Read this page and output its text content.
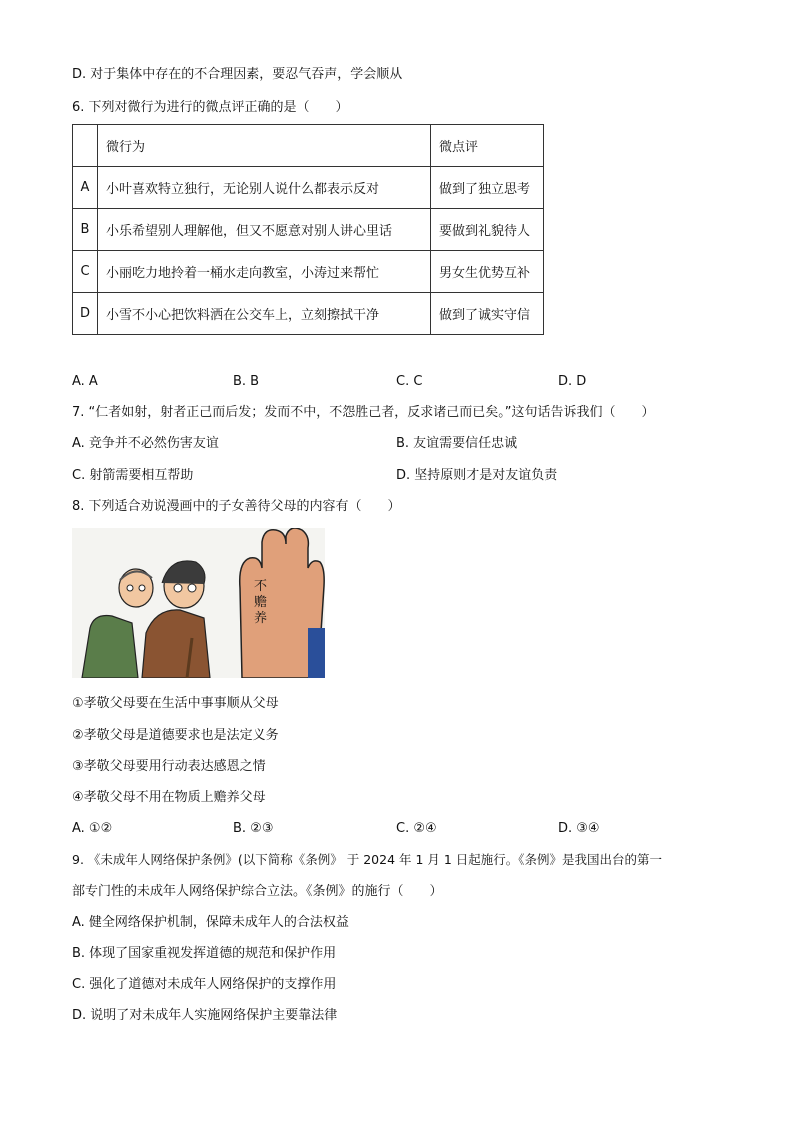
D. 对于集体中存在的不合理因素，要忍气吞声，学会顺从
6. 下列对微行为进行的微点评正确的是（　　）
	微行为	微点评
A	小叶喜欢特立独行，无论别人说什么都表示反对	做到了独立思考
B	小乐希望别人理解他，但又不愿意对别人讲心里话	要做到礼貌待人
C	小丽吃力地拎着一桶水走向教室，小涛过来帮忙	男女生优势互补
D	小雪不小心把饮料洒在公交车上，立刻擦拭干净	做到了诚实守信
A. A	B. B	C. C	D. D
7. “仁者如射，射者正己而后发；发而不中，不怨胜己者，反求诸己而已矣。”这句话告诉我们（　　）
A. 竞争并不必然伤害友谊	B. 友谊需要信任忠诚
C. 射箭需要相互帮助	D. 坚持原则才是对友谊负责
8. 下列适合劝说漫画中的子女善待父母的内容有（　　）
不 赡 养
①孝敬父母要在生活中事事顺从父母
②孝敬父母是道德要求也是法定义务
③孝敬父母要用行动表达感恩之情
④孝敬父母不用在物质上赡养父母
A. ①②	B. ②③	C. ②④	D. ③④
9. 《未成年人网络保护条例》(以下简称《条例》 于 2024 年 1 月 1 日起施行。《条例》是我国出台的第一
部专门性的未成年人网络保护综合立法。《条例》的施行（　　）
A. 健全网络保护机制，保障未成年人的合法权益
B. 体现了国家重视发挥道德的规范和保护作用
C. 强化了道德对未成年人网络保护的支撑作用
D. 说明了对未成年人实施网络保护主要靠法律
